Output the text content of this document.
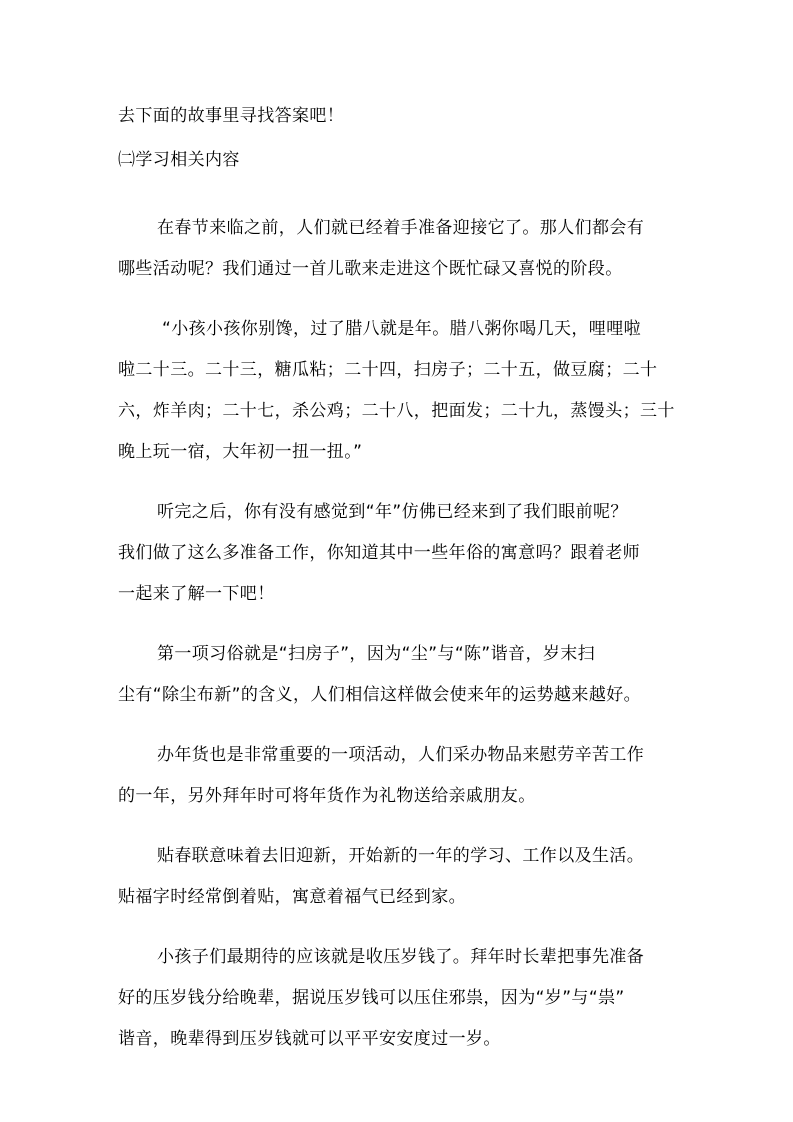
去下面的故事里寻找答案吧！
㈡学习相关内容
在春节来临之前，人们就已经着手准备迎接它了。那人们都会有
哪些活动呢？我们通过一首儿歌来走进这个既忙碌又喜悦的阶段。
“小孩小孩你别馋，过了腊八就是年。腊八粥你喝几天，哩哩啦
啦二十三。二十三，糖瓜粘；二十四，扫房子；二十五，做豆腐；二十
六，炸羊肉；二十七，杀公鸡；二十八，把面发；二十九，蒸馒头；三十
晚上玩一宿，大年初一扭一扭。”
听完之后，你有没有感觉到“年”仿佛已经来到了我们眼前呢？
我们做了这么多准备工作，你知道其中一些年俗的寓意吗？跟着老师
一起来了解一下吧！
第一项习俗就是“扫房子”，因为“尘”与“陈”谐音，岁末扫
尘有“除尘布新”的含义，人们相信这样做会使来年的运势越来越好。
办年货也是非常重要的一项活动，人们采办物品来慰劳辛苦工作
的一年，另外拜年时可将年货作为礼物送给亲戚朋友。
贴春联意味着去旧迎新，开始新的一年的学习、工作以及生活。
贴福字时经常倒着贴，寓意着福气已经到家。
小孩子们最期待的应该就是收压岁钱了。拜年时长辈把事先准备
好的压岁钱分给晚辈，据说压岁钱可以压住邪祟，因为“岁”与“祟”
谐音，晚辈得到压岁钱就可以平平安安度过一岁。
